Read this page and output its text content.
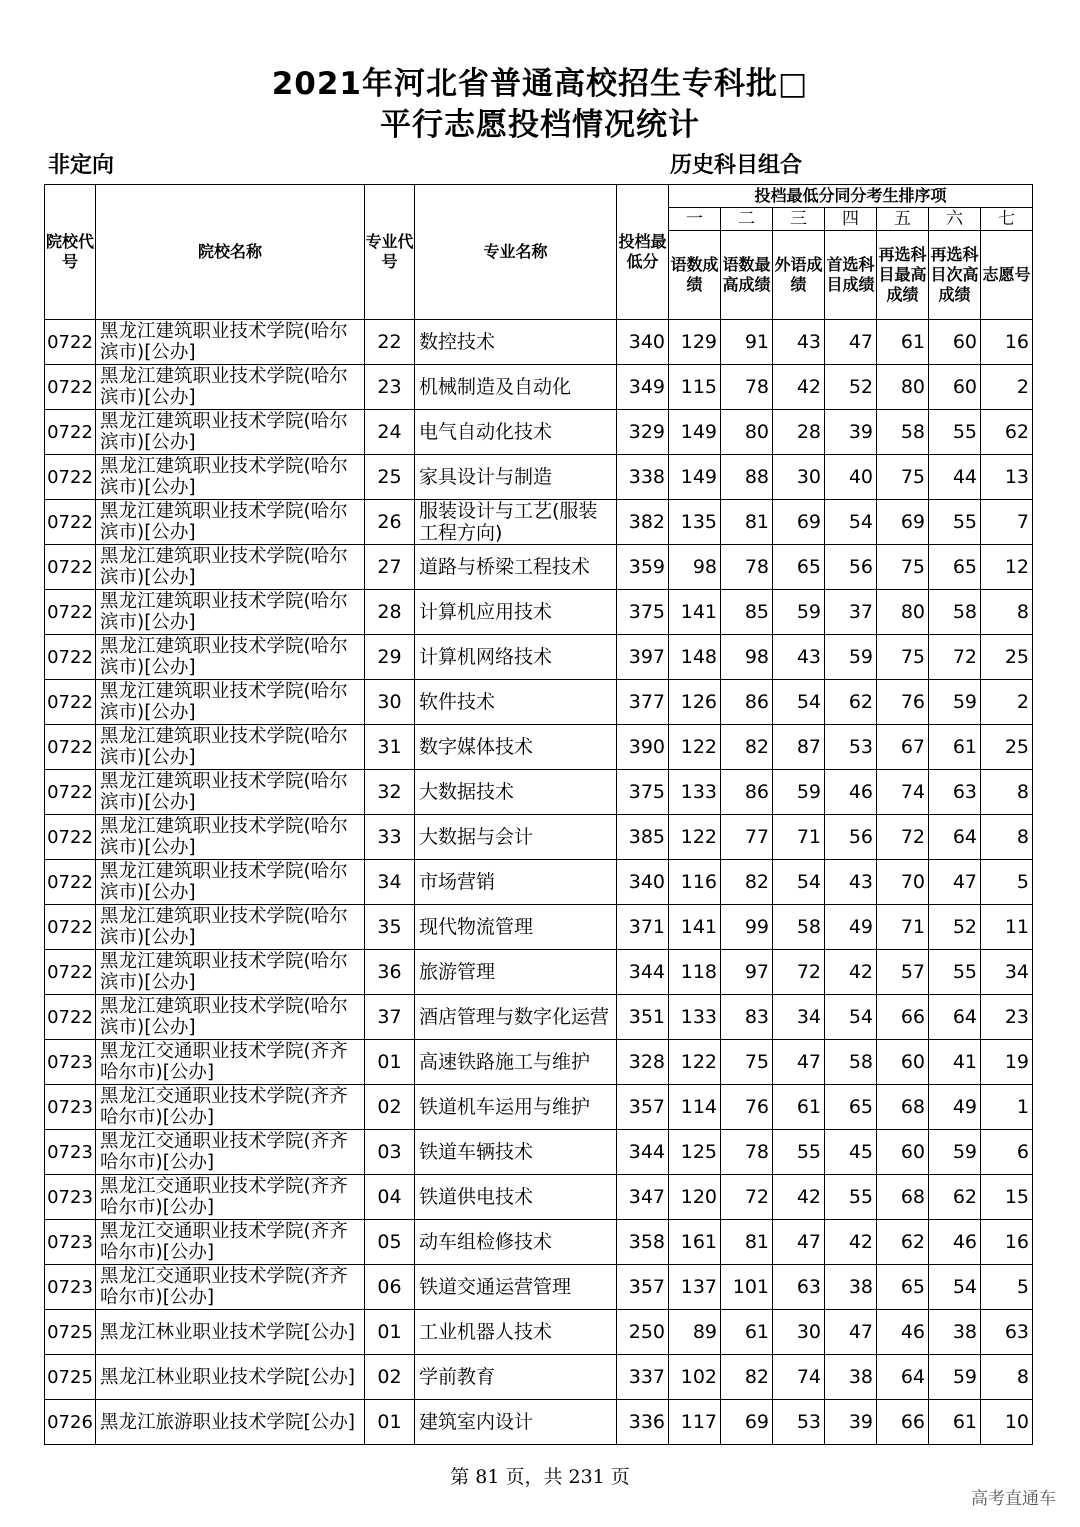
2021年河北省普通高校招生专科批□
平行志愿投档情况统计
非定向	历史科目组合
院校代号	院校名称	专业代号	专业名称	投档最低分	投档最低分同分考生排序项						
					一	二	三	四	五	六	七
					语数成绩	语数最高成绩	外语成绩	首选科目成绩	再选科目最高成绩	再选科目次高成绩	志愿号
0722	黑龙江建筑职业技术学院(哈尔滨市)[公办]	22	数控技术	340	129	91	43	47	61	60	16
0722	黑龙江建筑职业技术学院(哈尔滨市)[公办]	23	机械制造及自动化	349	115	78	42	52	80	60	2
0722	黑龙江建筑职业技术学院(哈尔滨市)[公办]	24	电气自动化技术	329	149	80	28	39	58	55	62
0722	黑龙江建筑职业技术学院(哈尔滨市)[公办]	25	家具设计与制造	338	149	88	30	40	75	44	13
0722	黑龙江建筑职业技术学院(哈尔滨市)[公办]	26	服装设计与工艺(服装工程方向)	382	135	81	69	54	69	55	7
0722	黑龙江建筑职业技术学院(哈尔滨市)[公办]	27	道路与桥梁工程技术	359	98	78	65	56	75	65	12
0722	黑龙江建筑职业技术学院(哈尔滨市)[公办]	28	计算机应用技术	375	141	85	59	37	80	58	8
0722	黑龙江建筑职业技术学院(哈尔滨市)[公办]	29	计算机网络技术	397	148	98	43	59	75	72	25
0722	黑龙江建筑职业技术学院(哈尔滨市)[公办]	30	软件技术	377	126	86	54	62	76	59	2
0722	黑龙江建筑职业技术学院(哈尔滨市)[公办]	31	数字媒体技术	390	122	82	87	53	67	61	25
0722	黑龙江建筑职业技术学院(哈尔滨市)[公办]	32	大数据技术	375	133	86	59	46	74	63	8
0722	黑龙江建筑职业技术学院(哈尔滨市)[公办]	33	大数据与会计	385	122	77	71	56	72	64	8
0722	黑龙江建筑职业技术学院(哈尔滨市)[公办]	34	市场营销	340	116	82	54	43	70	47	5
0722	黑龙江建筑职业技术学院(哈尔滨市)[公办]	35	现代物流管理	371	141	99	58	49	71	52	11
0722	黑龙江建筑职业技术学院(哈尔滨市)[公办]	36	旅游管理	344	118	97	72	42	57	55	34
0722	黑龙江建筑职业技术学院(哈尔滨市)[公办]	37	酒店管理与数字化运营	351	133	83	34	54	66	64	23
0723	黑龙江交通职业技术学院(齐齐哈尔市)[公办]	01	高速铁路施工与维护	328	122	75	47	58	60	41	19
0723	黑龙江交通职业技术学院(齐齐哈尔市)[公办]	02	铁道机车运用与维护	357	114	76	61	65	68	49	1
0723	黑龙江交通职业技术学院(齐齐哈尔市)[公办]	03	铁道车辆技术	344	125	78	55	45	60	59	6
0723	黑龙江交通职业技术学院(齐齐哈尔市)[公办]	04	铁道供电技术	347	120	72	42	55	68	62	15
0723	黑龙江交通职业技术学院(齐齐哈尔市)[公办]	05	动车组检修技术	358	161	81	47	42	62	46	16
0723	黑龙江交通职业技术学院(齐齐哈尔市)[公办]	06	铁道交通运营管理	357	137	101	63	38	65	54	5
0725	黑龙江林业职业技术学院[公办]	01	工业机器人技术	250	89	61	30	47	46	38	63
0725	黑龙江林业职业技术学院[公办]	02	学前教育	337	102	82	74	38	64	59	8
0726	黑龙江旅游职业技术学院[公办]	01	建筑室内设计	336	117	69	53	39	66	61	10
第 81 页，共 231 页
高考直通车
